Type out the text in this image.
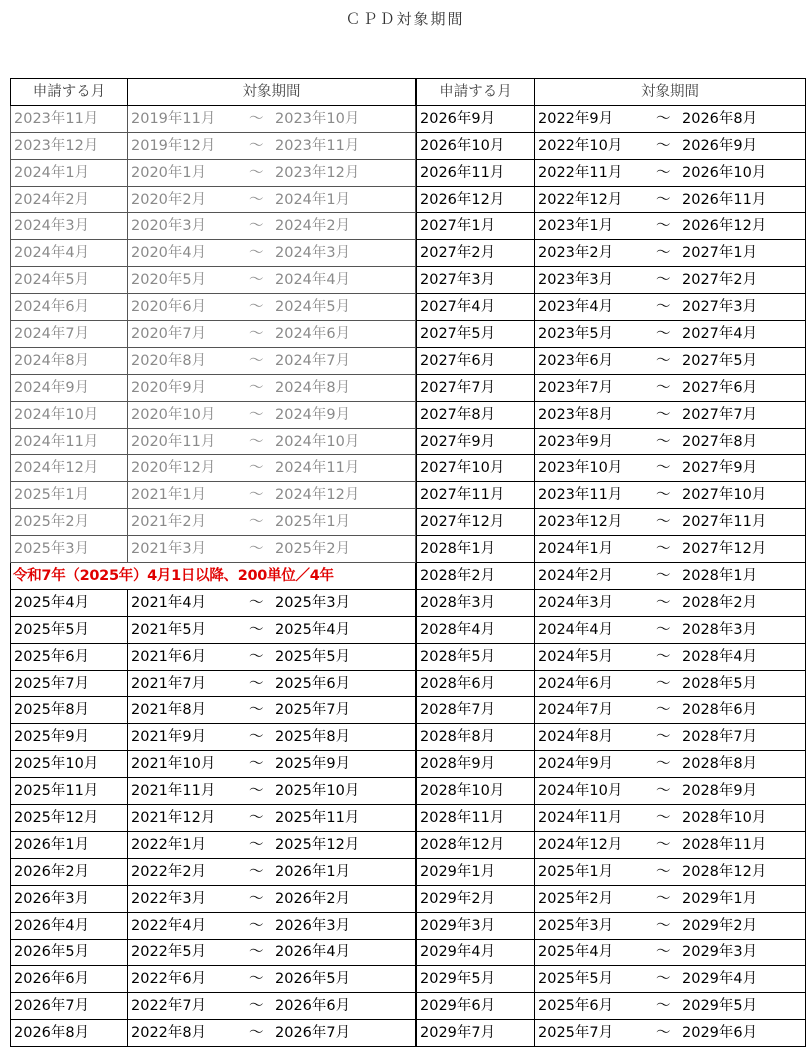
ＣＰＤ対象期間
申請する月	対象期間
2023年11月	2019年11月 ～ 2023年10月
2023年12月	2019年12月 ～ 2023年11月
2024年1月	2020年1月 ～ 2023年12月
2024年2月	2020年2月 ～ 2024年1月
2024年3月	2020年3月 ～ 2024年2月
2024年4月	2020年4月 ～ 2024年3月
2024年5月	2020年5月 ～ 2024年4月
2024年6月	2020年6月 ～ 2024年5月
2024年7月	2020年7月 ～ 2024年6月
2024年8月	2020年8月 ～ 2024年7月
2024年9月	2020年9月 ～ 2024年8月
2024年10月	2020年10月 ～ 2024年9月
2024年11月	2020年11月 ～ 2024年10月
2024年12月	2020年12月 ～ 2024年11月
2025年1月	2021年1月 ～ 2024年12月
2025年2月	2021年2月 ～ 2025年1月
2025年3月	2021年3月 ～ 2025年2月
令和7年（2025年）4月1日以降、200単位／4年	
2025年4月	2021年4月 ～ 2025年3月
2025年5月	2021年5月 ～ 2025年4月
2025年6月	2021年6月 ～ 2025年5月
2025年7月	2021年7月 ～ 2025年6月
2025年8月	2021年8月 ～ 2025年7月
2025年9月	2021年9月 ～ 2025年8月
2025年10月	2021年10月 ～ 2025年9月
2025年11月	2021年11月 ～ 2025年10月
2025年12月	2021年12月 ～ 2025年11月
2026年1月	2022年1月 ～ 2025年12月
2026年2月	2022年2月 ～ 2026年1月
2026年3月	2022年3月 ～ 2026年2月
2026年4月	2022年4月 ～ 2026年3月
2026年5月	2022年5月 ～ 2026年4月
2026年6月	2022年6月 ～ 2026年5月
2026年7月	2022年7月 ～ 2026年6月
2026年8月	2022年8月 ～ 2026年7月
申請する月	対象期間
2026年9月	2022年9月 ～ 2026年8月
2026年10月	2022年10月 ～ 2026年9月
2026年11月	2022年11月 ～ 2026年10月
2026年12月	2022年12月 ～ 2026年11月
2027年1月	2023年1月 ～ 2026年12月
2027年2月	2023年2月 ～ 2027年1月
2027年3月	2023年3月 ～ 2027年2月
2027年4月	2023年4月 ～ 2027年3月
2027年5月	2023年5月 ～ 2027年4月
2027年6月	2023年6月 ～ 2027年5月
2027年7月	2023年7月 ～ 2027年6月
2027年8月	2023年8月 ～ 2027年7月
2027年9月	2023年9月 ～ 2027年8月
2027年10月	2023年10月 ～ 2027年9月
2027年11月	2023年11月 ～ 2027年10月
2027年12月	2023年12月 ～ 2027年11月
2028年1月	2024年1月 ～ 2027年12月
2028年2月	2024年2月 ～ 2028年1月
2028年3月	2024年3月 ～ 2028年2月
2028年4月	2024年4月 ～ 2028年3月
2028年5月	2024年5月 ～ 2028年4月
2028年6月	2024年6月 ～ 2028年5月
2028年7月	2024年7月 ～ 2028年6月
2028年8月	2024年8月 ～ 2028年7月
2028年9月	2024年9月 ～ 2028年8月
2028年10月	2024年10月 ～ 2028年9月
2028年11月	2024年11月 ～ 2028年10月
2028年12月	2024年12月 ～ 2028年11月
2029年1月	2025年1月 ～ 2028年12月
2029年2月	2025年2月 ～ 2029年1月
2029年3月	2025年3月 ～ 2029年2月
2029年4月	2025年4月 ～ 2029年3月
2029年5月	2025年5月 ～ 2029年4月
2029年6月	2025年6月 ～ 2029年5月
2029年7月	2025年7月 ～ 2029年6月
